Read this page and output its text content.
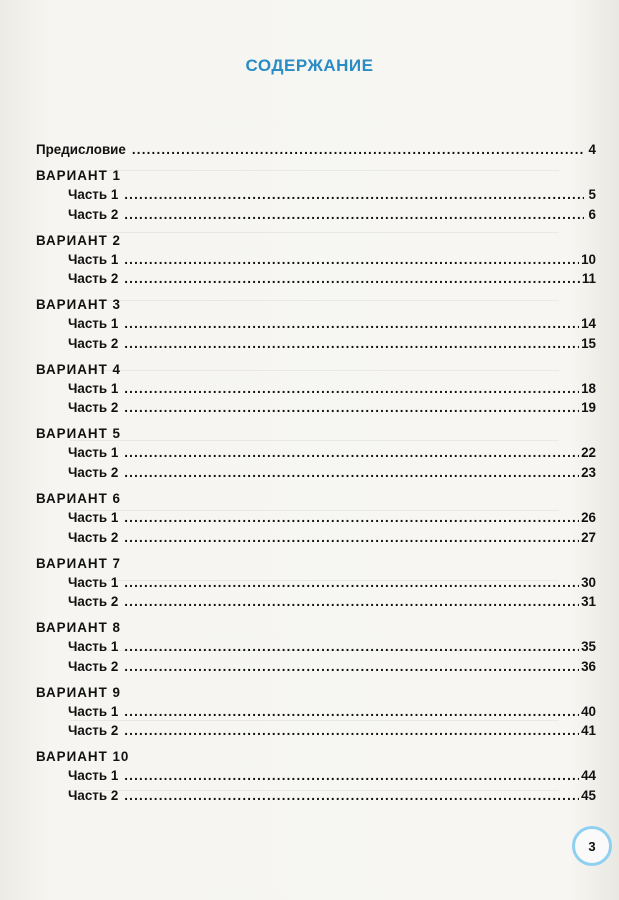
СОДЕРЖАНИЕ
Предисловие .....	4
ВАРИАНТ 1
Часть 1 .....	5
Часть 2 .....	6
ВАРИАНТ 2
Часть 1 .....	10
Часть 2 .....	11
ВАРИАНТ 3
Часть 1 .....	14
Часть 2 .....	15
ВАРИАНТ 4
Часть 1 .....	18
Часть 2 .....	19
ВАРИАНТ 5
Часть 1 .....	22
Часть 2 .....	23
ВАРИАНТ 6
Часть 1 .....	26
Часть 2 .....	27
ВАРИАНТ 7
Часть 1 .....	30
Часть 2 .....	31
ВАРИАНТ 8
Часть 1 .....	35
Часть 2 .....	36
ВАРИАНТ 9
Часть 1 .....	40
Часть 2 .....	41
ВАРИАНТ 10
Часть 1 .....	44
Часть 2 .....	45
3
